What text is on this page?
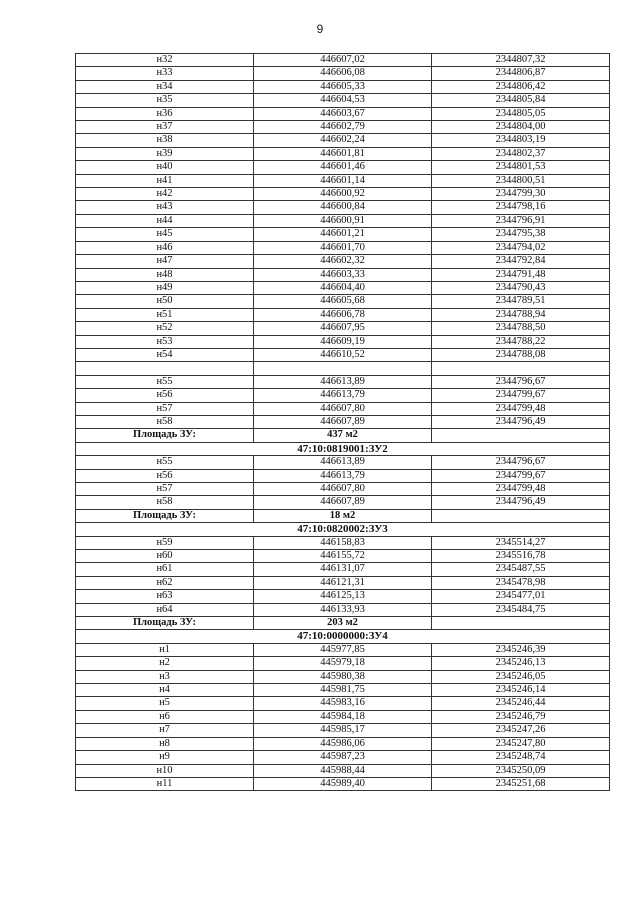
9
н32	446607,02	2344807,32
н33	446606,08	2344806,87
н34	446605,33	2344806,42
н35	446604,53	2344805,84
н36	446603,67	2344805,05
н37	446602,79	2344804,00
н38	446602,24	2344803,19
н39	446601,81	2344802,37
н40	446601,46	2344801,53
н41	446601,14	2344800,51
н42	446600,92	2344799,30
н43	446600,84	2344798,16
н44	446600,91	2344796,91
н45	446601,21	2344795,38
н46	446601,70	2344794,02
н47	446602,32	2344792,84
н48	446603,33	2344791,48
н49	446604,40	2344790,43
н50	446605,68	2344789,51
н51	446606,78	2344788,94
н52	446607,95	2344788,50
н53	446609,19	2344788,22
н54	446610,52	2344788,08

н55	446613,89	2344796,67
н56	446613,79	2344799,67
н57	446607,80	2344799,48
н58	446607,89	2344796,49
Площадь ЗУ:	437 м2	
47:10:0819001:ЗУ2		
н55	446613,89	2344796,67
н56	446613,79	2344799,67
н57	446607,80	2344799,48
н58	446607,89	2344796,49
Площадь ЗУ:	18 м2	
47:10:0820002:ЗУ3		
н59	446158,83	2345514,27
н60	446155,72	2345516,78
н61	446131,07	2345487,55
н62	446121,31	2345478,98
н63	446125,13	2345477,01
н64	446133,93	2345484,75
Площадь ЗУ:	203 м2	
47:10:0000000:ЗУ4		
н1	445977,85	2345246,39
н2	445979,18	2345246,13
н3	445980,38	2345246,05
н4	445981,75	2345246,14
н5	445983,16	2345246,44
н6	445984,18	2345246,79
н7	445985,17	2345247,26
н8	445986,06	2345247,80
н9	445987,23	2345248,74
н10	445988,44	2345250,09
н11	445989,40	2345251,68
